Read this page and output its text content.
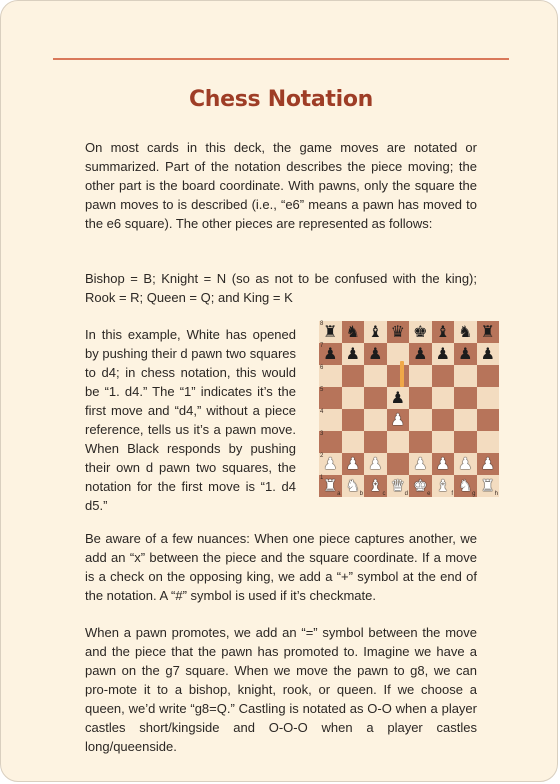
Chess Notation

On most cards in this deck, the game moves are notated or summarized. Part of the notation describes the piece moving; the other part is the board coordinate. With pawns, only the square the pawn moves to is described (i.e., “e6” means a pawn has moved to the e6 square). The other pieces are represented as follows:

Bishop = B; Knight = N (so as not to be confused with the king); Rook = R; Queen = Q; and King = K

In this example, White has opened by pushing their d pawn two squares to d4; in chess notation, this would be “1. d4.” The “1” indicates it’s the first move and “d4,” without a piece reference, tells us it’s a pawn move. When Black responds by pushing their own d pawn two squares, the notation for the first move is “1. d4 d5.”

8 ♜ ♞ ♝ ♛ ♚ ♝ ♞ ♜
7 ♟ ♟ ♟ ♟ ♟ ♟ ♟
6
5	♟
4	♟
3
2 ♟ ♟ ♟ ♟ ♟ ♟ ♟
1
a
♜	b
♞	c
♝	d
♛	e
♚	f
♝	g
♞	h
♜

Be aware of a few nuances: When one piece captures another, we add an “x” between the piece and the square coordinate. If a move is a check on the opposing king, we add a “+” symbol at the end of the notation. A “#” symbol is used if it’s checkmate.

When a pawn promotes, we add an “=” symbol between the move and the piece that the pawn has promoted to. Imagine we have a pawn on the g7 square. When we move the pawn to g8, we can pro-mote it to a bishop, knight, rook, or queen. If we choose a queen, we’d write “g8=Q.” Castling is notated as O-O when a player castles short/kingside and O-O-O when a player castles long/queenside.
